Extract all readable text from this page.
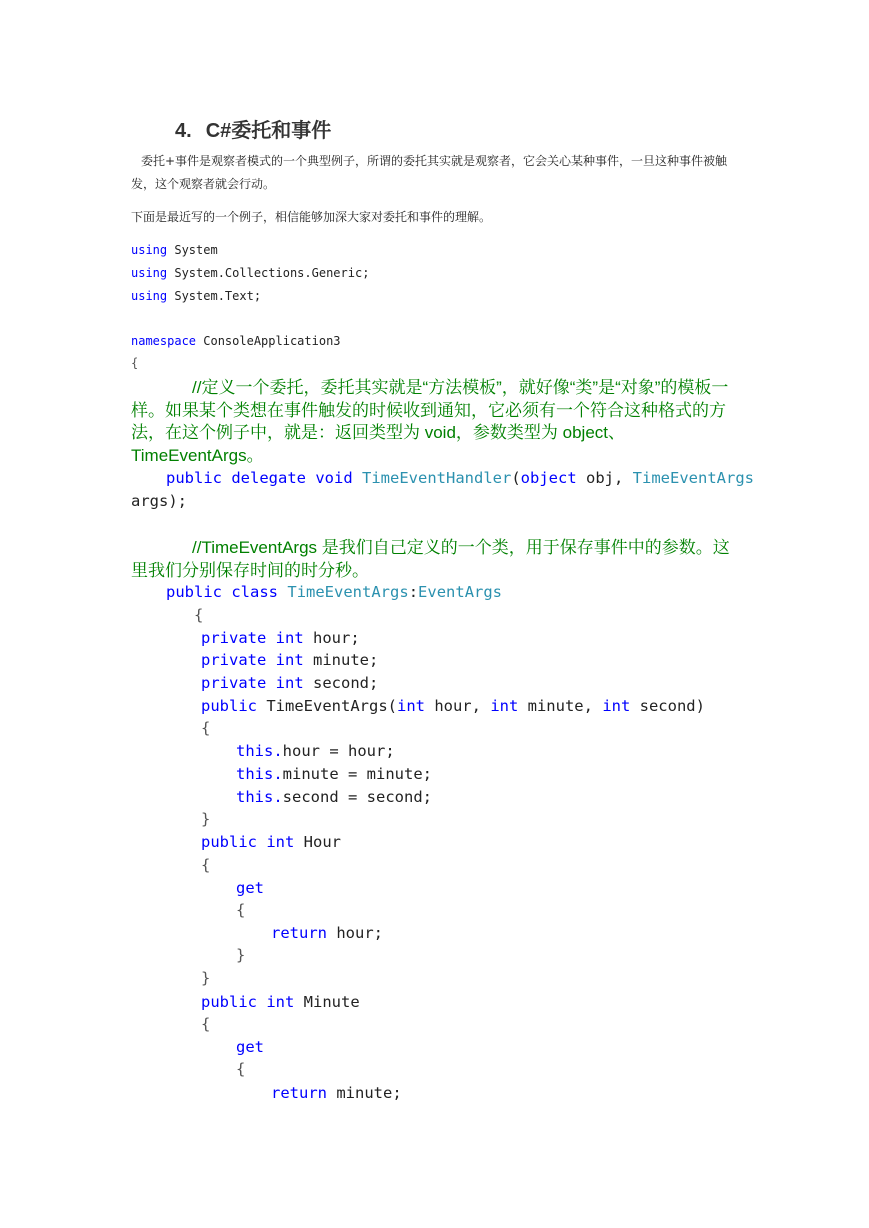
4. C#委托和事件
委托+事件是观察者模式的一个典型例子，所谓的委托其实就是观察者，它会关心某种事件，一旦这种事件被触发，这个观察者就会行动。
下面是最近写的一个例子，相信能够加深大家对委托和事件的理解。
using System
using System.Collections.Generic;
using System.Text;
namespace ConsoleApplication3
{
//定义一个委托，委托其实就是“方法模板”，就好像“类”是“对象”的模板一样。如果某个类想在事件触发的时候收到通知，它必须有一个符合这种格式的方法，在这个例子中，就是：返回类型为 void，参数类型为 object、TimeEventArgs。
public delegate void TimeEventHandler(object obj, TimeEventArgs
args);
//TimeEventArgs 是我们自己定义的一个类，用于保存事件中的参数。这里我们分别保存时间的时分秒。
public class TimeEventArgs:EventArgs
{
private int hour;
private int minute;
private int second;
public TimeEventArgs(int hour, int minute, int second)
{
this.hour = hour;
this.minute = minute;
this.second = second;
}
public int Hour
{
get
{
return hour;
}
}
public int Minute
{
get
{
return minute;
